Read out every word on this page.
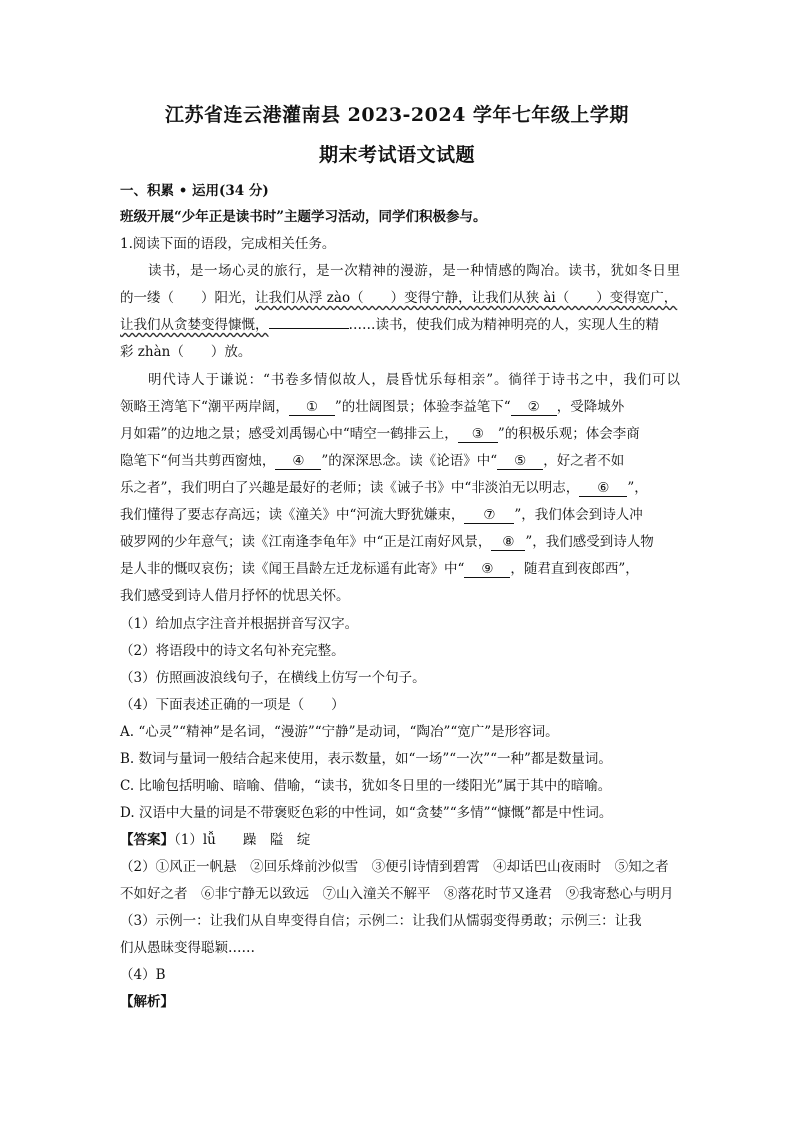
江苏省连云港灌南县 2023-2024 学年七年级上学期
期末考试语文试题
一、积累 • 运用(34 分)
班级开展“少年正是读书时”主题学习活动，同学们积极参与。
1.阅读下面的语段，完成相关任务。
读书，是一场心灵的旅行，是一次精神的漫游，是一种情感的陶冶。读书，犹如冬日里
的一缕（　　）阳光，让我们从浮 zào（　　）变得宁静，让我们从狭 ài（　　）变得宽广，
让我们从贪婪变得慷慨，	……读书，使我们成为精神明亮的人，实现人生的精
彩 zhàn（　　）放。
明代诗人于谦说：“书卷多情似故人，晨昏忧乐每相亲”。徜徉于诗书之中，我们可以
领略王湾笔下“潮平两岸阔， ① ”的壮阔图景；体验李益笔下“ ② ，受降城外
月如霜”的边地之景；感受刘禹锡心中“晴空一鹤排云上， ③ ”的积极乐观；体会李商
隐笔下“何当共剪西窗烛， ④ ”的深深思念。读《论语》中“ ⑤ ，好之者不如
乐之者”，我们明白了兴趣是最好的老师；读《诫子书》中“非淡泊无以明志， ⑥ ”，
我们懂得了要志存高远；读《潼关》中“河流大野犹嫌束， ⑦ ”，我们体会到诗人冲
破罗网的少年意气；读《江南逢李龟年》中“正是江南好风景， ⑧ ”，我们感受到诗人物
是人非的慨叹哀伤；读《闻王昌龄左迁龙标遥有此寄》中“ ⑨ ，随君直到夜郎西”，
我们感受到诗人借月抒怀的忧思关怀。
（1）给加点字注音并根据拼音写汉字。
（2）将语段中的诗文名句补充完整。
（3）仿照画波浪线句子，在横线上仿写一个句子。
（4）下面表述正确的一项是（　　）
A. “心灵”“精神”是名词，“漫游”“宁静”是动词，“陶冶”“宽广”是形容词。
B. 数词与量词一般结合起来使用，表示数量，如“一场”“一次”“一种”都是数量词。
C. 比喻包括明喻、暗喻、借喻，“读书，犹如冬日里的一缕阳光”属于其中的暗喻。
D. 汉语中大量的词是不带褒贬色彩的中性词，如“贪婪”“多情”“慷慨”都是中性词。
【答案】（1）lǚ　　躁　隘　绽
（2）①风正一帆悬　②回乐烽前沙似雪　③便引诗情到碧霄　④却话巴山夜雨时　⑤知之者
不如好之者　⑥非宁静无以致远　⑦山入潼关不解平　⑧落花时节又逢君　⑨我寄愁心与明月
（3）示例一：让我们从自卑变得自信；示例二：让我们从懦弱变得勇敢；示例三：让我
们从愚昧变得聪颖……
（4）B
【解析】
